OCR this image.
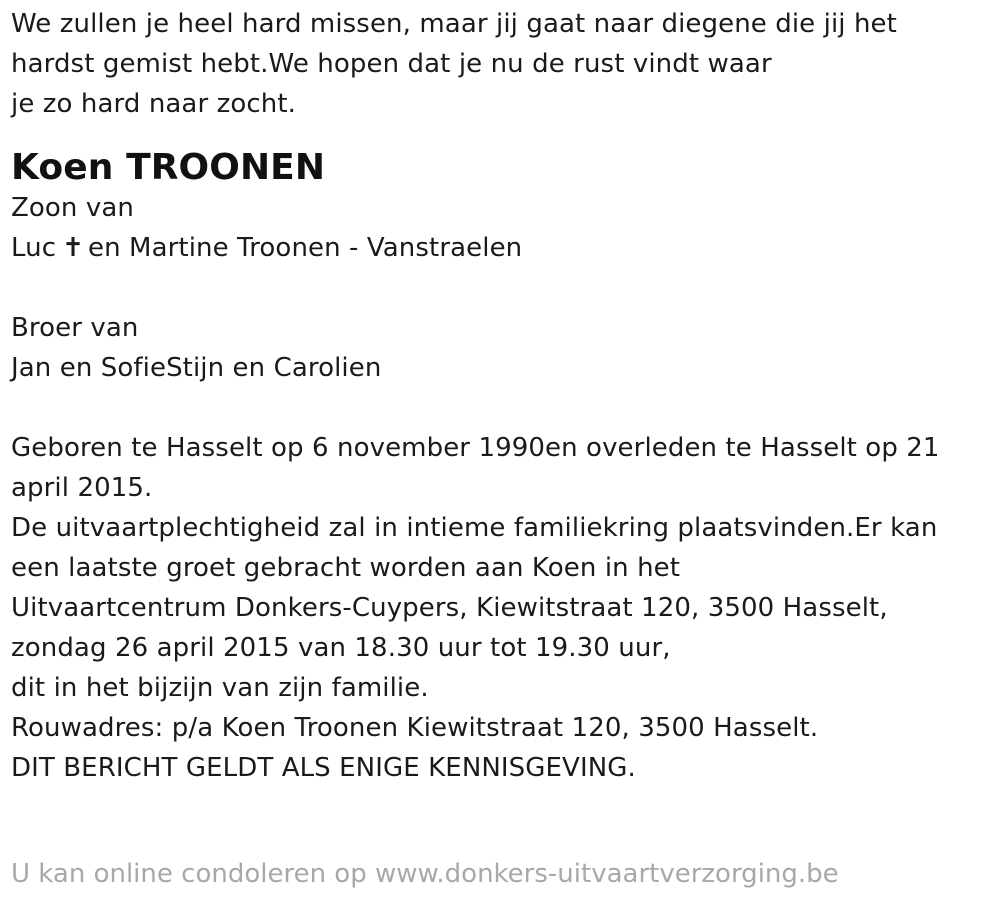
We zullen je heel hard missen, maar jij gaat naar diegene die jij het
hardst gemist hebt.We hopen dat je nu de rust vindt waar
je zo hard naar zocht.
Koen TROONEN
Zoon van
Luc ✝ en Martine Troonen - Vanstraelen
Broer van
Jan en SofieStijn en Carolien
Geboren te Hasselt op 6 november 1990en overleden te Hasselt op 21
april 2015.
De uitvaartplechtigheid zal in intieme familiekring plaatsvinden.Er kan
een laatste groet gebracht worden aan Koen in het
Uitvaartcentrum Donkers-Cuypers, Kiewitstraat 120, 3500 Hasselt,
zondag 26 april 2015 van 18.30 uur tot 19.30 uur,
dit in het bijzijn van zijn familie.
Rouwadres: p/a Koen Troonen Kiewitstraat 120, 3500 Hasselt.
DIT BERICHT GELDT ALS ENIGE KENNISGEVING.
U kan online condoleren op www.donkers-uitvaartverzorging.be
